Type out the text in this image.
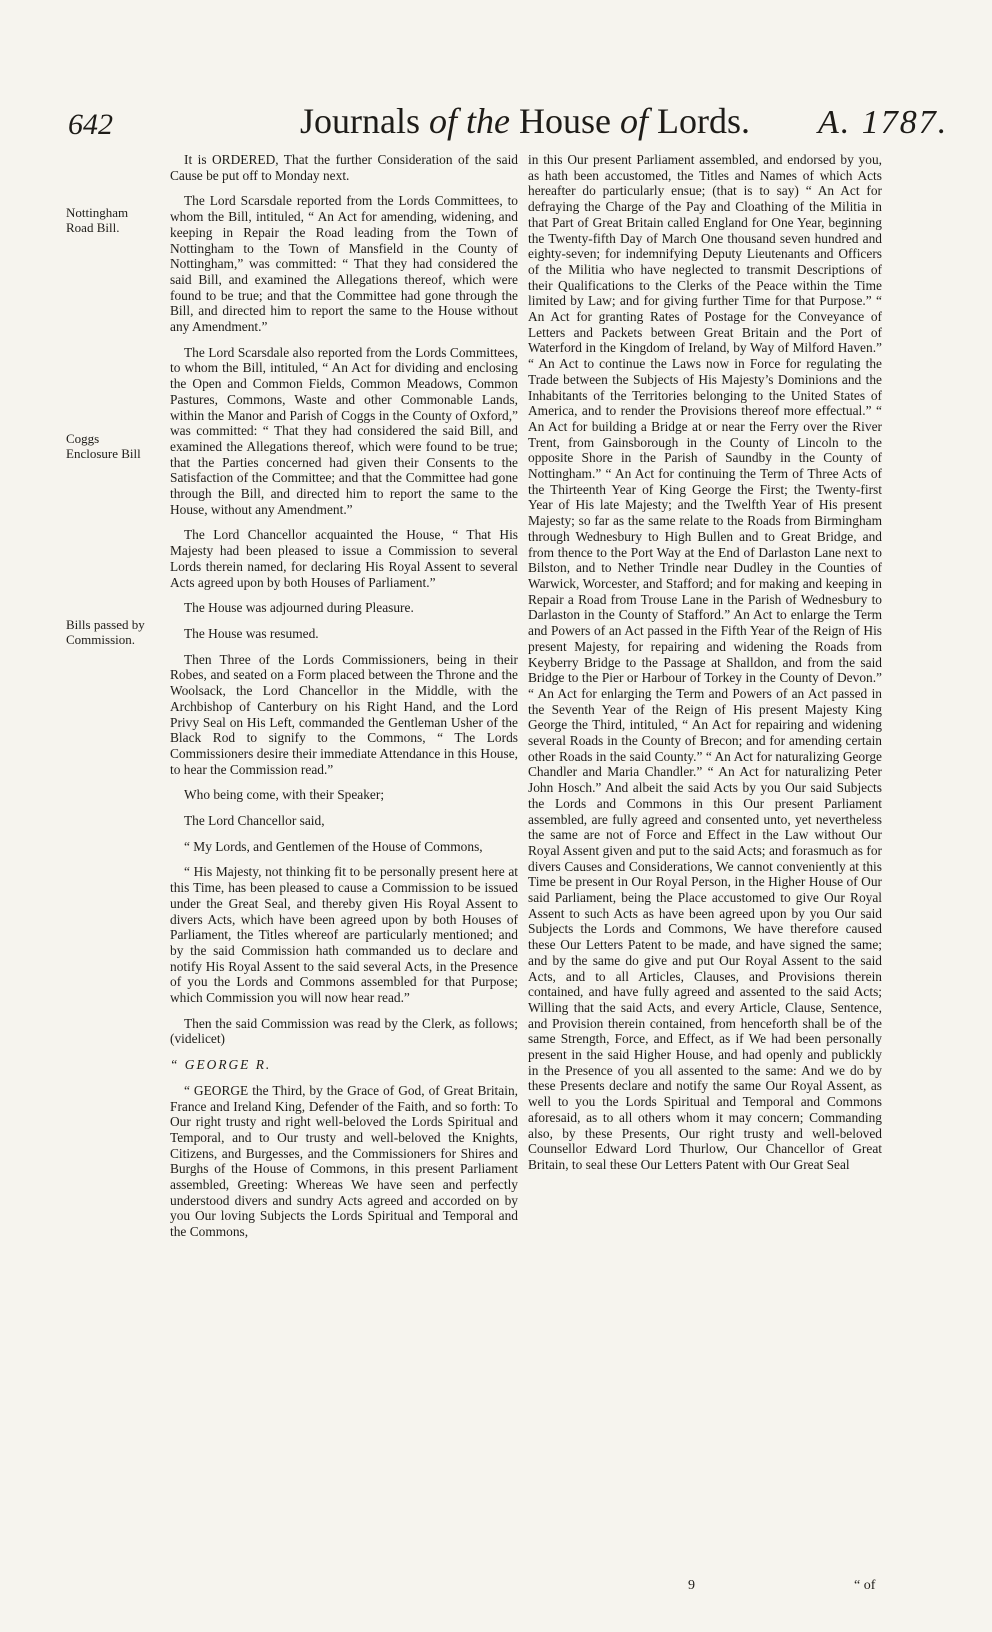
642	Journals of the House of Lords. A. 1787.
Nottingham Road Bill.
Coggs Enclosure Bill
Bills passed by Commission.

It is ORDERED, That the further Consideration of the said Cause be put off to Monday next.

The Lord Scarsdale reported from the Lords Committees, to whom the Bill, intituled, “ An Act for amending, widening, and keeping in Repair the Road leading from the Town of Nottingham to the Town of Mansfield in the County of Nottingham,” was committed: “ That they had considered the said Bill, and examined the Allegations thereof, which were found to be true; and that the Committee had gone through the Bill, and directed him to report the same to the House without any Amendment.”

The Lord Scarsdale also reported from the Lords Committees, to whom the Bill, intituled, “ An Act for dividing and enclosing the Open and Common Fields, Common Meadows, Common Pastures, Commons, Waste and other Commonable Lands, within the Manor and Parish of Coggs in the County of Oxford,” was committed: “ That they had considered the said Bill, and examined the Allegations thereof, which were found to be true; that the Parties concerned had given their Consents to the Satisfaction of the Committee; and that the Committee had gone through the Bill, and directed him to report the same to the House, without any Amendment.”

The Lord Chancellor acquainted the House, “ That His Majesty had been pleased to issue a Commission to several Lords therein named, for declaring His Royal Assent to several Acts agreed upon by both Houses of Parliament.”

The House was adjourned during Pleasure.

The House was resumed.

Then Three of the Lords Commissioners, being in their Robes, and seated on a Form placed between the Throne and the Woolsack, the Lord Chancellor in the Middle, with the Archbishop of Canterbury on his Right Hand, and the Lord Privy Seal on His Left, commanded the Gentleman Usher of the Black Rod to signify to the Commons, “ The Lords Commissioners desire their immediate Attendance in this House, to hear the Commission read.”

Who being come, with their Speaker;

The Lord Chancellor said,

“ My Lords, and Gentlemen of the House of Commons,

“ His Majesty, not thinking fit to be personally present here at this Time, has been pleased to cause a Commission to be issued under the Great Seal, and thereby given His Royal Assent to divers Acts, which have been agreed upon by both Houses of Parliament, the Titles whereof are particularly mentioned; and by the said Commission hath commanded us to declare and notify His Royal Assent to the said several Acts, in the Presence of you the Lords and Commons assembled for that Purpose; which Commission you will now hear read.”

Then the said Commission was read by the Clerk, as follows; (videlicet)

“ GEORGE R.

“ GEORGE the Third, by the Grace of God, of Great Britain, France and Ireland King, Defender of the Faith, and so forth: To Our right trusty and right well-beloved the Lords Spiritual and Temporal, and to Our trusty and well-beloved the Knights, Citizens, and Burgesses, and the Commissioners for Shires and Burghs of the House of Commons, in this present Parliament assembled, Greeting: Whereas We have seen and perfectly understood divers and sundry Acts agreed and accorded on by you Our loving Subjects the Lords Spiritual and Temporal and the Commons,

in this Our present Parliament assembled, and endorsed by you, as hath been accustomed, the Titles and Names of which Acts hereafter do particularly ensue; (that is to say) “ An Act for defraying the Charge of the Pay and Cloathing of the Militia in that Part of Great Britain called England for One Year, beginning the Twenty-fifth Day of March One thousand seven hundred and eighty-seven; for indemnifying Deputy Lieutenants and Officers of the Militia who have neglected to transmit Descriptions of their Qualifications to the Clerks of the Peace within the Time limited by Law; and for giving further Time for that Purpose.” “ An Act for granting Rates of Postage for the Conveyance of Letters and Packets between Great Britain and the Port of Waterford in the Kingdom of Ireland, by Way of Milford Haven.” “ An Act to continue the Laws now in Force for regulating the Trade between the Subjects of His Majesty’s Dominions and the Inhabitants of the Territories belonging to the United States of America, and to render the Provisions thereof more effectual.” “ An Act for building a Bridge at or near the Ferry over the River Trent, from Gainsborough in the County of Lincoln to the opposite Shore in the Parish of Saundby in the County of Nottingham.” “ An Act for continuing the Term of Three Acts of the Thirteenth Year of King George the First; the Twenty-first Year of His late Majesty; and the Twelfth Year of His present Majesty; so far as the same relate to the Roads from Birmingham through Wednesbury to High Bullen and to Great Bridge, and from thence to the Port Way at the End of Darlaston Lane next to Bilston, and to Nether Trindle near Dudley in the Counties of Warwick, Worcester, and Stafford; and for making and keeping in Repair a Road from Trouse Lane in the Parish of Wednesbury to Darlaston in the County of Stafford.” An Act to enlarge the Term and Powers of an Act passed in the Fifth Year of the Reign of His present Majesty, for repairing and widening the Roads from Keyberry Bridge to the Passage at Shalldon, and from the said Bridge to the Pier or Harbour of Torkey in the County of Devon.” “ An Act for enlarging the Term and Powers of an Act passed in the Seventh Year of the Reign of His present Majesty King George the Third, intituled, “ An Act for repairing and widening several Roads in the County of Brecon; and for amending certain other Roads in the said County.” “ An Act for naturalizing George Chandler and Maria Chandler.” “ An Act for naturalizing Peter John Hosch.” And albeit the said Acts by you Our said Subjects the Lords and Commons in this Our present Parliament assembled, are fully agreed and consented unto, yet nevertheless the same are not of Force and Effect in the Law without Our Royal Assent given and put to the said Acts; and forasmuch as for divers Causes and Considerations, We cannot conveniently at this Time be present in Our Royal Person, in the Higher House of Our said Parliament, being the Place accustomed to give Our Royal Assent to such Acts as have been agreed upon by you Our said Subjects the Lords and Commons, We have therefore caused these Our Letters Patent to be made, and have signed the same; and by the same do give and put Our Royal Assent to the said Acts, and to all Articles, Clauses, and Provisions therein contained, and have fully agreed and assented to the said Acts; Willing that the said Acts, and every Article, Clause, Sentence, and Provision therein contained, from henceforth shall be of the same Strength, Force, and Effect, as if We had been personally present in the said Higher House, and had openly and publickly in the Presence of you all assented to the same: And we do by these Presents declare and notify the same Our Royal Assent, as well to you the Lords Spiritual and Temporal and Commons aforesaid, as to all others whom it may concern; Commanding also, by these Presents, Our right trusty and well-beloved Counsellor Edward Lord Thurlow, Our Chancellor of Great Britain, to seal these Our Letters Patent with Our Great Seal

9	“ of
